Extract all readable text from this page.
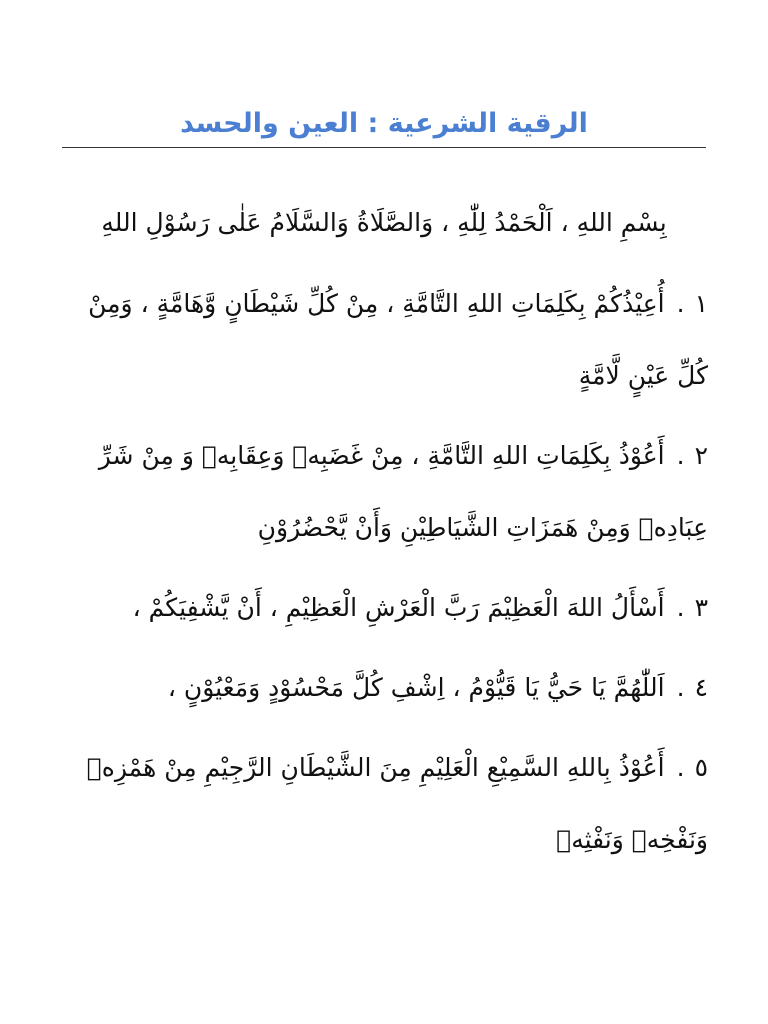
الرقية الشرعية : العين والحسد

بِسْمِ اللهِ ، اَلْحَمْدُ لِلّٰهِ ، وَالصَّلَاةُ وَالسَّلَامُ عَلٰى رَسُوْلِ اللهِ

١.أُعِيْذُكُمْ بِكَلِمَاتِ اللهِ التَّامَّةِ ، مِنْ كُلِّ شَيْطَانٍ وَّهَامَّةٍ ، وَمِنْ كُلِّ عَيْنٍ لَّامَّةٍ
٢.أَعُوْذُ بِكَلِمَاتِ اللهِ التَّامَّةِ ، مِنْ غَضَبِهٖ وَعِقَابِهٖ وَ مِنْ شَرِّ عِبَادِهٖ وَمِنْ هَمَزَاتِ الشَّيَاطِيْنِ وَأَنْ يَّحْضُرُوْنِ
٣.أَسْأَلُ اللهَ الْعَظِيْمَ رَبَّ الْعَرْشِ الْعَظِيْمِ ، أَنْ يَّشْفِيَكُمْ ،
٤.اَللّٰهُمَّ يَا حَيُّ يَا قَيُّوْمُ ، اِشْفِ كُلَّ مَحْسُوْدٍ وَمَعْيُوْنٍ ،
٥.أَعُوْذُ بِاللهِ السَّمِيْعِ الْعَلِيْمِ مِنَ الشَّيْطَانِ الرَّجِيْمِ مِنْ هَمْزِهٖ وَنَفْخِهٖ وَنَفْثِهٖ
